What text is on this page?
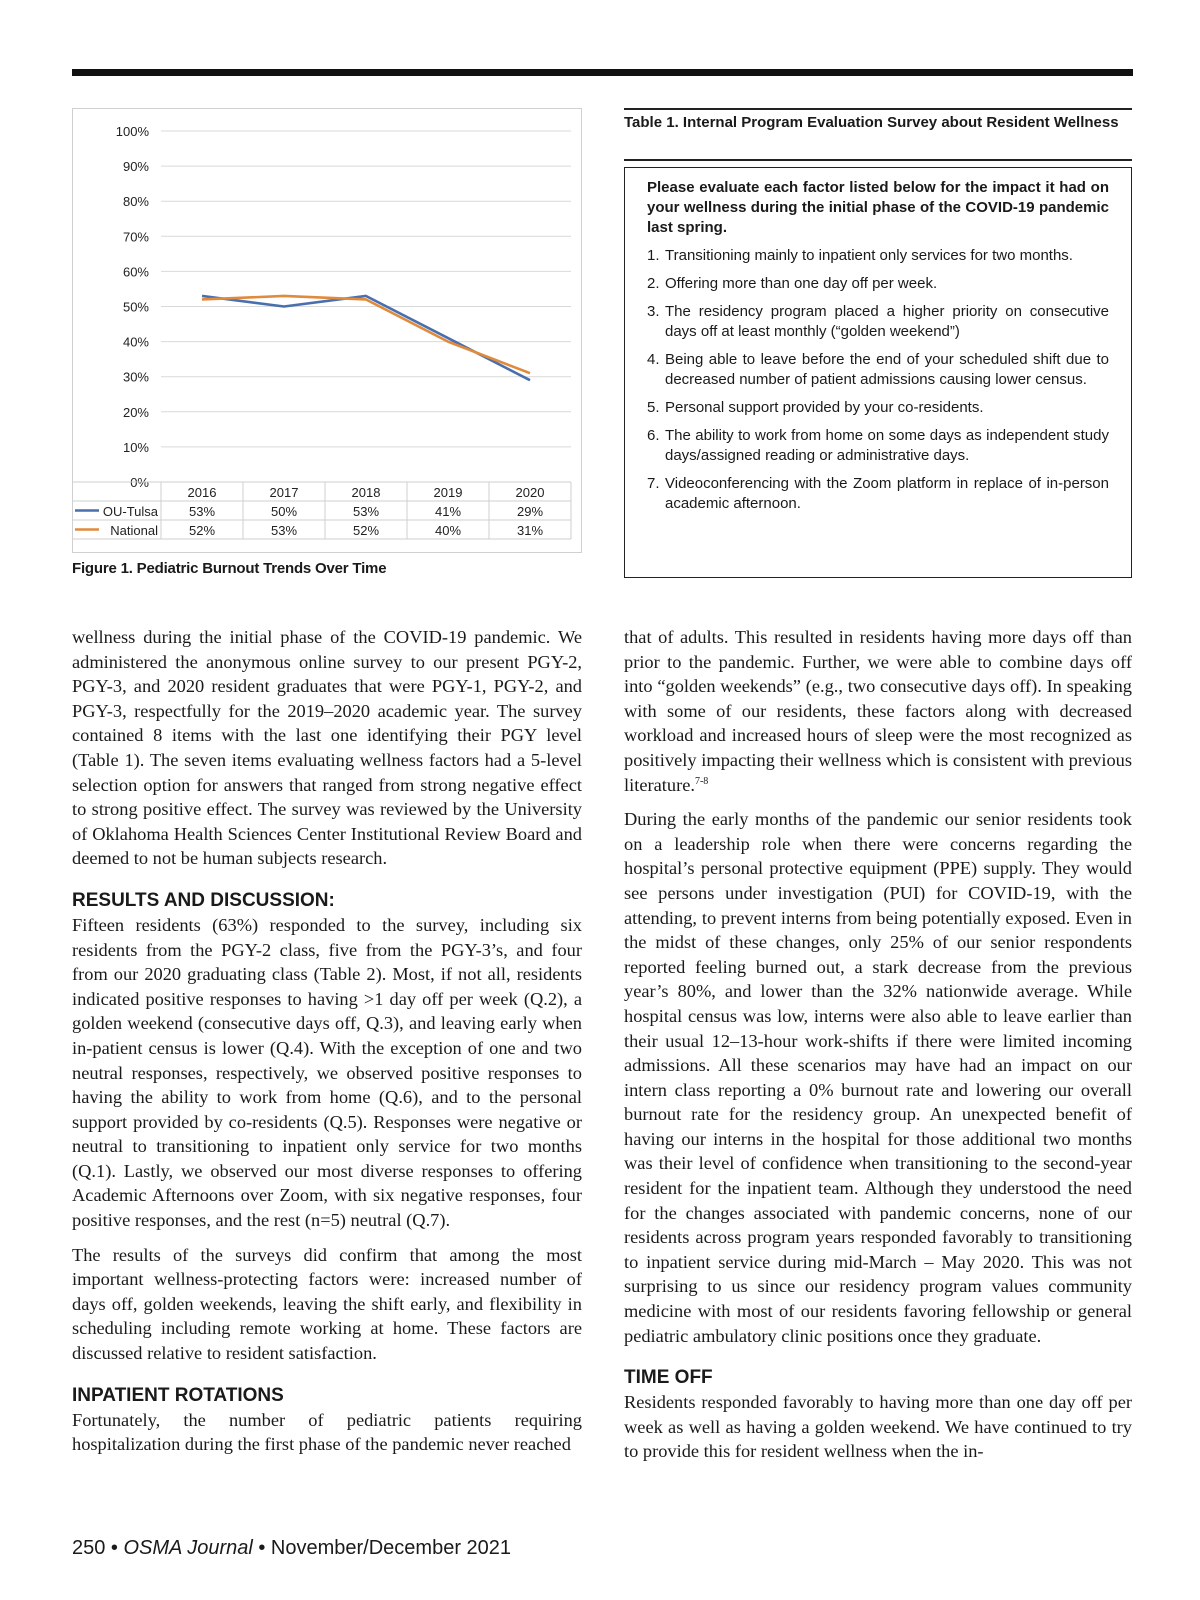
0%
10%
20%
30%
40%
50%
60%
70%
80%
90%
100%
2016	2017	2018	2019	2020
OU-Tulsa 53%	50%	53%	41%	29%
National 52%	53%	52%	40%	31%
Figure 1. Pediatric Burnout Trends Over Time
Table 1. Internal Program Evaluation Survey about Resident Wellness
Please evaluate each factor listed below for the impact it had on your wellness during the initial phase of the COVID-19 pandemic last spring.
1. Transitioning mainly to inpatient only services for two months.
2. Offering more than one day off per week.
3. The residency program placed a higher priority on consecutive days off at least monthly (“golden weekend”)
4. Being able to leave before the end of your scheduled shift due to decreased number of patient admissions causing lower census.
5. Personal support provided by your co-residents.
6. The ability to work from home on some days as independent study days/assigned reading or administrative days.
7. Videoconferencing with the Zoom platform in replace of in-person academic afternoon.

wellness during the initial phase of the COVID-19 pandemic. We administered the anonymous online survey to our present PGY-2, PGY-3, and 2020 resident graduates that were PGY-1, PGY-2, and PGY-3, respectfully for the 2019–2020 academic year. The survey contained 8 items with the last one identifying their PGY level (Table 1). The seven items evaluating wellness factors had a 5-level selection option for answers that ranged from strong negative effect to strong positive effect. The survey was reviewed by the University of Oklahoma Health Sciences Center Institutional Review Board and deemed to not be human subjects research.

RESULTS AND DISCUSSION:

Fifteen residents (63%) responded to the survey, including six residents from the PGY-2 class, five from the PGY-3’s, and four from our 2020 graduating class (Table 2). Most, if not all, residents indicated positive responses to having >1 day off per week (Q.2), a golden weekend (consecutive days off, Q.3), and leaving early when in-patient census is lower (Q.4). With the exception of one and two neutral responses, respectively, we observed positive responses to having the ability to work from home (Q.6), and to the personal support provided by co-residents (Q.5). Responses were negative or neutral to transitioning to inpatient only service for two months (Q.1). Lastly, we observed our most diverse responses to offering Academic Afternoons over Zoom, with six negative responses, four positive responses, and the rest (n=5) neutral (Q.7).

The results of the surveys did confirm that among the most important wellness-protecting factors were: increased number of days off, golden weekends, leaving the shift early, and flexibility in scheduling including remote working at home. These factors are discussed relative to resident satisfaction.

INPATIENT ROTATIONS

Fortunately, the number of pediatric patients requiring hospitalization during the first phase of the pandemic never reached

that of adults. This resulted in residents having more days off than prior to the pandemic. Further, we were able to combine days off into “golden weekends” (e.g., two consecutive days off). In speaking with some of our residents, these factors along with decreased workload and increased hours of sleep were the most recognized as positively impacting their wellness which is consistent with previous literature.$^{7-8}$

During the early months of the pandemic our senior residents took on a leadership role when there were concerns regarding the hospital’s personal protective equipment (PPE) supply. They would see persons under investigation (PUI) for COVID-19, with the attending, to prevent interns from being potentially exposed. Even in the midst of these changes, only 25% of our senior respondents reported feeling burned out, a stark decrease from the previous year’s 80%, and lower than the 32% nationwide average. While hospital census was low, interns were also able to leave earlier than their usual 12–13-hour work-shifts if there were limited incoming admissions. All these scenarios may have had an impact on our intern class reporting a 0% burnout rate and lowering our overall burnout rate for the residency group. An unexpected benefit of having our interns in the hospital for those additional two months was their level of confidence when transitioning to the second-year resident for the inpatient team. Although they understood the need for the changes associated with pandemic concerns, none of our residents across program years responded favorably to transitioning to inpatient service during mid-March – May 2020. This was not surprising to us since our residency program values community medicine with most of our residents favoring fellowship or general pediatric ambulatory clinic positions once they graduate.

TIME OFF

Residents responded favorably to having more than one day off per week as well as having a golden weekend. We have continued to try to provide this for resident wellness when the in-

250 • OSMA Journal • November/December 2021
